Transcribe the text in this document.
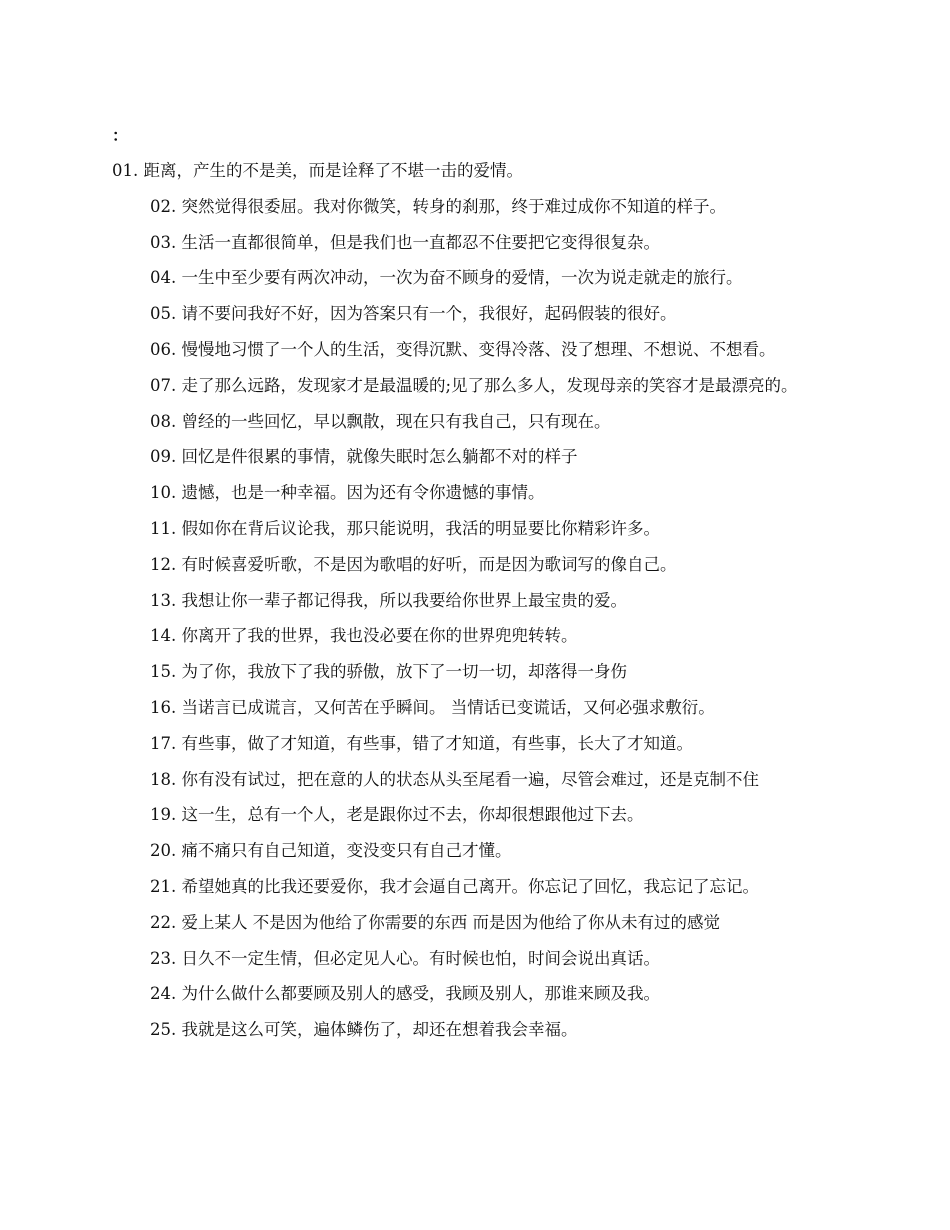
：

01. 距离，产生的不是美，而是诠释了不堪一击的爱情。

02. 突然觉得很委屈。我对你微笑，转身的刹那，终于难过成你不知道的样子。

03. 生活一直都很简单，但是我们也一直都忍不住要把它变得很复杂。

04. 一生中至少要有两次冲动，一次为奋不顾身的爱情，一次为说走就走的旅行。

05. 请不要问我好不好，因为答案只有一个，我很好，起码假装的很好。

06. 慢慢地习惯了一个人的生活，变得沉默、变得冷落、没了想理、不想说、不想看。

07. 走了那么远路，发现家才是最温暖的;见了那么多人，发现母亲的笑容才是最漂亮的。

08. 曾经的一些回忆，早以飘散，现在只有我自己，只有现在。

09. 回忆是件很累的事情，就像失眠时怎么躺都不对的样子

10. 遗憾，也是一种幸福。因为还有令你遗憾的事情。

11. 假如你在背后议论我，那只能说明，我活的明显要比你精彩许多。

12. 有时候喜爱听歌，不是因为歌唱的好听，而是因为歌词写的像自己。

13. 我想让你一辈子都记得我，所以我要给你世界上最宝贵的爱。

14. 你离开了我的世界，我也没必要在你的世界兜兜转转。

15. 为了你，我放下了我的骄傲，放下了一切一切，却落得一身伤

16. 当诺言已成谎言，又何苦在乎瞬间。 当情话已变谎话，又何必强求敷衍。

17. 有些事，做了才知道，有些事，错了才知道，有些事，长大了才知道。

18. 你有没有试过，把在意的人的状态从头至尾看一遍，尽管会难过，还是克制不住

19. 这一生，总有一个人，老是跟你过不去，你却很想跟他过下去。

20. 痛不痛只有自己知道，变没变只有自己才懂。

21. 希望她真的比我还要爱你，我才会逼自己离开。你忘记了回忆，我忘记了忘记。

22. 爱上某人 不是因为他给了你需要的东西 而是因为他给了你从未有过的感觉

23. 日久不一定生情，但必定见人心。有时候也怕，时间会说出真话。

24. 为什么做什么都要顾及别人的感受，我顾及别人，那谁来顾及我。

25. 我就是这么可笑，遍体鳞伤了，却还在想着我会幸福。
